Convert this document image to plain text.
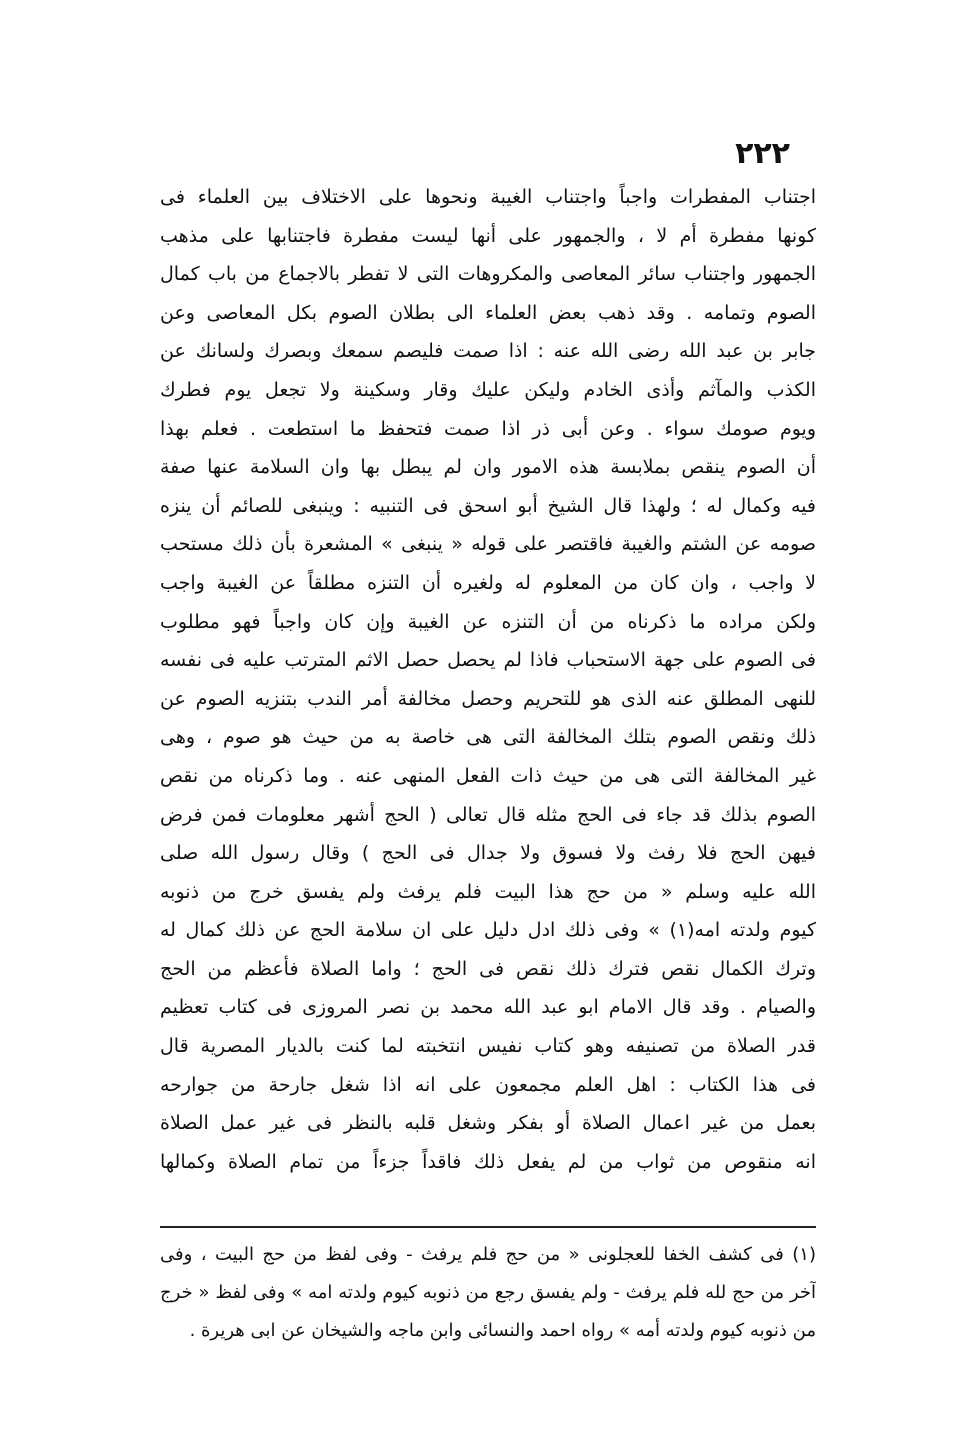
٢٢٢
اجتناب المفطرات واجباً واجتناب الغيبة ونحوها على الاختلاف بين العلماء فى
كونها مفطرة أم لا ، والجمهور على أنها ليست مفطرة فاجتنابها على مذهب
الجمهور واجتناب سائر المعاصى والمكروهات التى لا تفطر بالاجماع من باب كمال
الصوم وتمامه . وقد ذهب بعض العلماء الى بطلان الصوم بكل المعاصى وعن
جابر بن عبد الله رضى الله عنه : اذا صمت فليصم سمعك وبصرك ولسانك عن
الكذب والمآثم وأذى الخادم وليكن عليك وقار وسكينة ولا تجعل يوم فطرك
ويوم صومك سواء . وعن أبى ذر اذا صمت فتحفظ ما استطعت . فعلم بهذا
أن الصوم ينقص بملابسة هذه الامور وان لم يبطل بها وان السلامة عنها صفة
فيه وكمال له ؛ ولهذا قال الشيخ أبو اسحق فى التنبيه : وينبغى للصائم أن ينزه
صومه عن الشتم والغيبة فاقتصر على قوله « ينبغى » المشعرة بأن ذلك مستحب
لا واجب ، وان كان من المعلوم له ولغيره أن التنزه مطلقاً عن الغيبة واجب
ولكن مراده ما ذكرناه من أن التنزه عن الغيبة وإن كان واجباً فهو مطلوب
فى الصوم على جهة الاستحباب فاذا لم يحصل حصل الاثم المترتب عليه فى نفسه
للنهى المطلق عنه الذى هو للتحريم وحصل مخالفة أمر الندب بتنزيه الصوم عن
ذلك ونقص الصوم بتلك المخالفة التى هى خاصة به من حيث هو صوم ، وهى
غير المخالفة التى هى من حيث ذات الفعل المنهى عنه . وما ذكرناه من نقص
الصوم بذلك قد جاء فى الحج مثله قال تعالى ( الحج أشهر معلومات فمن فرض
فيهن الحج فلا رفث ولا فسوق ولا جدال فى الحج ) وقال رسول الله صلى
الله عليه وسلم « من حج هذا البيت فلم يرفث ولم يفسق خرج من ذنوبه
كيوم ولدته امه(١) » وفى ذلك ادل دليل على ان سلامة الحج عن ذلك كمال له
وترك الكمال نقص فترك ذلك نقص فى الحج ؛ واما الصلاة فأعظم من الحج
والصيام . وقد قال الامام ابو عبد الله محمد بن نصر المروزى فى كتاب تعظيم
قدر الصلاة من تصنيفه وهو كتاب نفيس انتخبته لما كنت بالديار المصرية قال
فى هذا الكتاب : اهل العلم مجمعون على انه اذا شغل جارحة من جوارحه
بعمل من غير اعمال الصلاة أو بفكر وشغل قلبه بالنظر فى غير عمل الصلاة
انه منقوص من ثواب من لم يفعل ذلك فاقداً جزءاً من تمام الصلاة وكمالها
(١) فى كشف الخفا للعجلونى « من حج فلم يرفث - وفى لفظ من حج البيت ، وفى
آخر من حج لله فلم يرفث - ولم يفسق رجع من ذنوبه كيوم ولدته امه » وفى لفظ « خرج
من ذنوبه كيوم ولدته أمه » رواه احمد والنسائى وابن ماجه والشيخان عن ابى هريرة .
